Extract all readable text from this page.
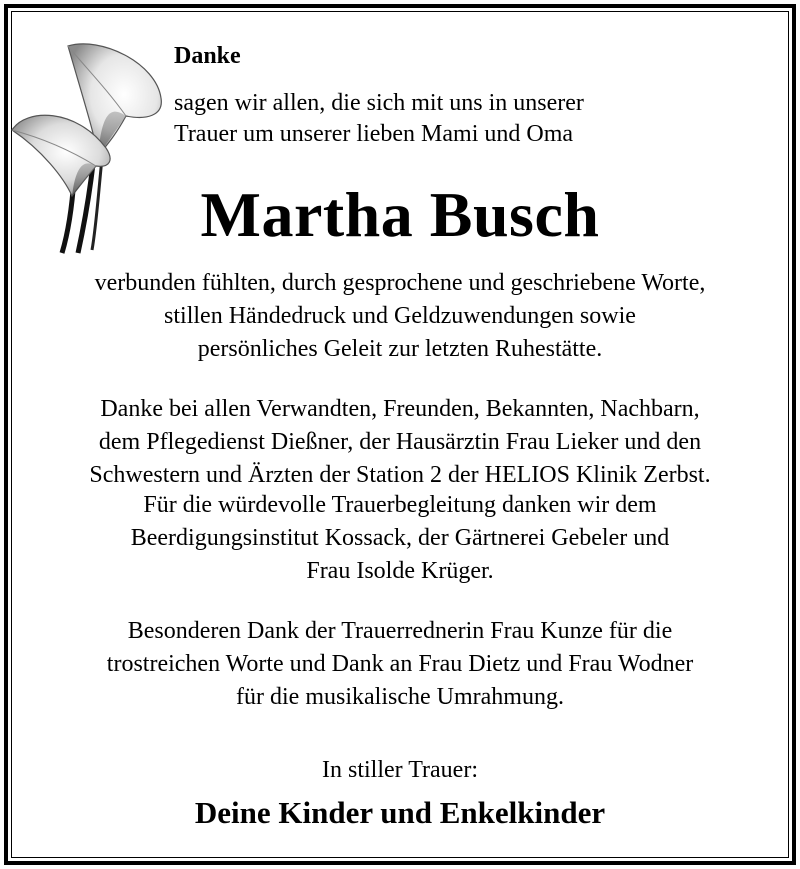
Danke
sagen wir allen, die sich mit uns in unserer
Trauer um unserer lieben Mami und Oma
Martha Busch
verbunden fühlten, durch gesprochene und geschriebene Worte,
stillen Händedruck und Geldzuwendungen sowie
persönliches Geleit zur letzten Ruhestätte.
Danke bei allen Verwandten, Freunden, Bekannten, Nachbarn,
dem Pflegedienst Dießner, der Hausärztin Frau Lieker und den
Schwestern und Ärzten der Station 2 der HELIOS Klinik Zerbst.
Für die würdevolle Trauerbegleitung danken wir dem
Beerdigungsinstitut Kossack, der Gärtnerei Gebeler und
Frau Isolde Krüger.
Besonderen Dank der Trauerrednerin Frau Kunze für die
trostreichen Worte und Dank an Frau Dietz und Frau Wodner
für die musikalische Umrahmung.
In stiller Trauer:
Deine Kinder und Enkelkinder
